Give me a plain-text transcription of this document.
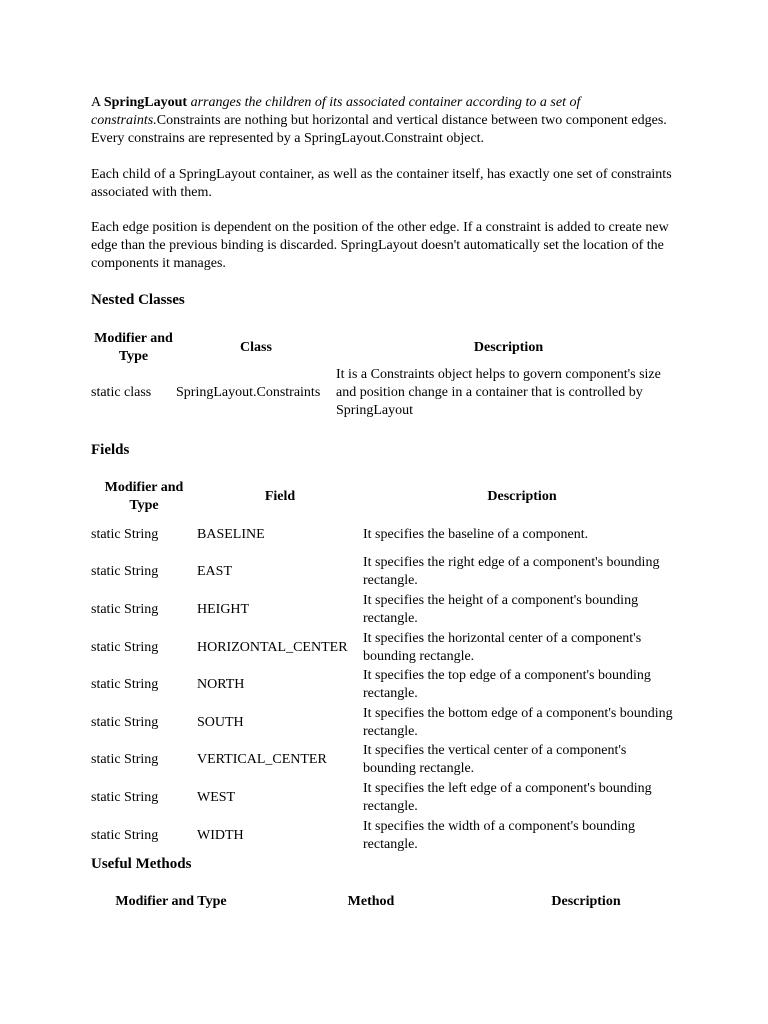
A SpringLayout arranges the children of its associated container according to a set of constraints.Constraints are nothing but horizontal and vertical distance between two component edges. Every constrains are represented by a SpringLayout.Constraint object.

Each child of a SpringLayout container, as well as the container itself, has exactly one set of constraints associated with them.

Each edge position is dependent on the position of the other edge. If a constraint is added to create new edge than the previous binding is discarded. SpringLayout doesn't automatically set the location of the components it manages.

Nested Classes
Modifier and Type	Class	Description
static class	SpringLayout.Constraints	It is a Constraints object helps to govern component's size and position change in a container that is controlled by SpringLayout
Fields
Modifier and Type	Field	Description
static String	BASELINE	It specifies the baseline of a component.
static String	EAST	It specifies the right edge of a component's bounding rectangle.
static String	HEIGHT	It specifies the height of a component's bounding rectangle.
static String	HORIZONTAL_CENTER	It specifies the horizontal center of a component's bounding rectangle.
static String	NORTH	It specifies the top edge of a component's bounding rectangle.
static String	SOUTH	It specifies the bottom edge of a component's bounding rectangle.
static String	VERTICAL_CENTER	It specifies the vertical center of a component's bounding rectangle.
static String	WEST	It specifies the left edge of a component's bounding rectangle.
static String	WIDTH	It specifies the width of a component's bounding rectangle.
Useful Methods
Modifier and Type	Method	Description
